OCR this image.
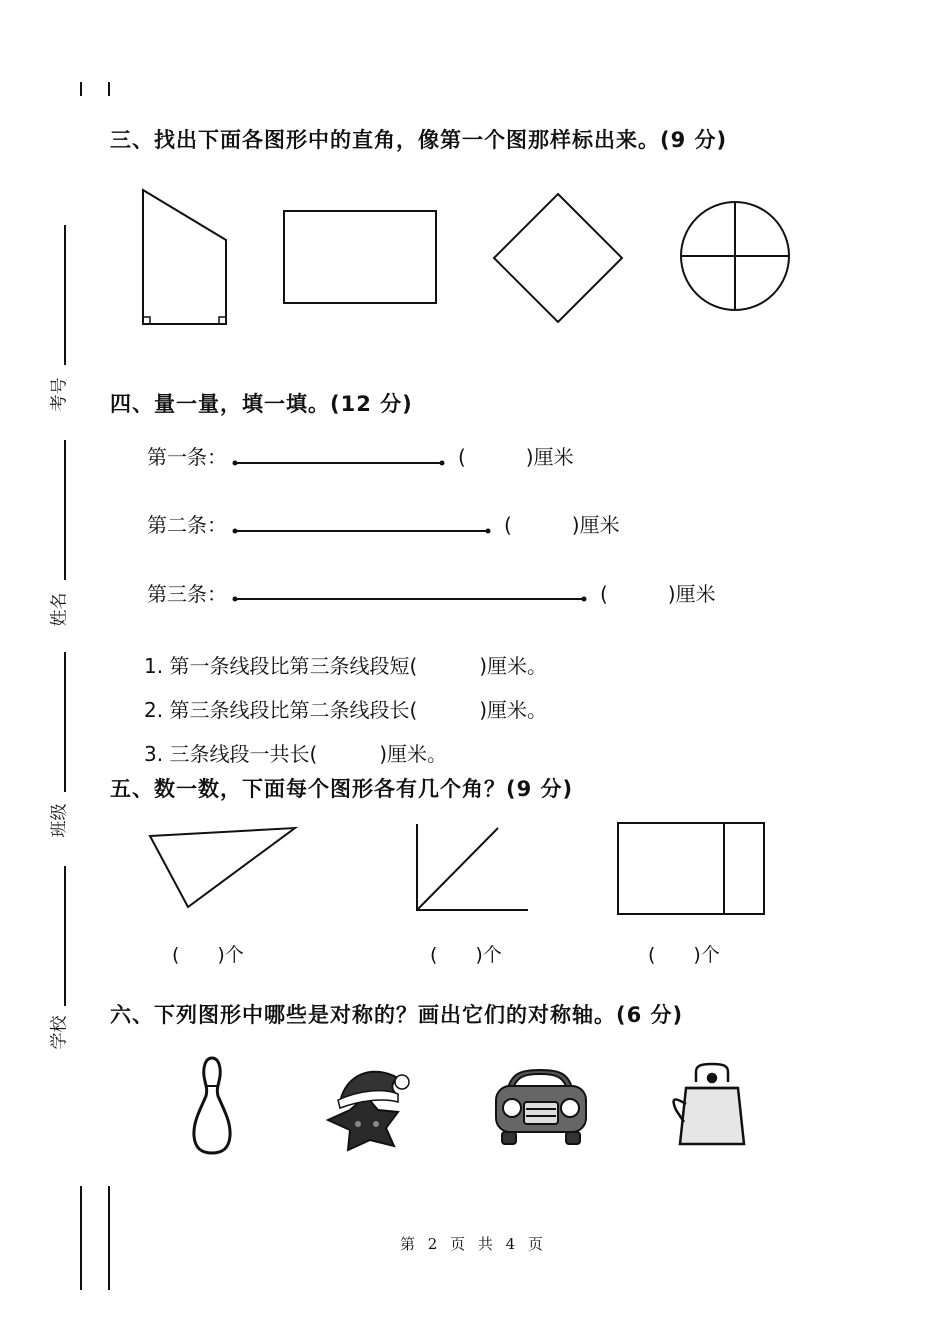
考号
姓名
班级
学校
三、找出下面各图形中的直角，像第一个图那样标出来。(9 分)
四、量一量，填一填。(12 分)
第一条：	(　　　)厘米
第二条：	(　　　)厘米
第三条：	(　　　)厘米
1. 第一条线段比第三条线段短(	)厘米。
2. 第三条线段比第二条线段长(	)厘米。
3. 三条线段一共长(	)厘米。
五、数一数，下面每个图形各有几个角？(9 分)
(　　)个	(　　)个	(　　)个
六、下列图形中哪些是对称的？画出它们的对称轴。(6 分)
第 2 页 共 4 页
